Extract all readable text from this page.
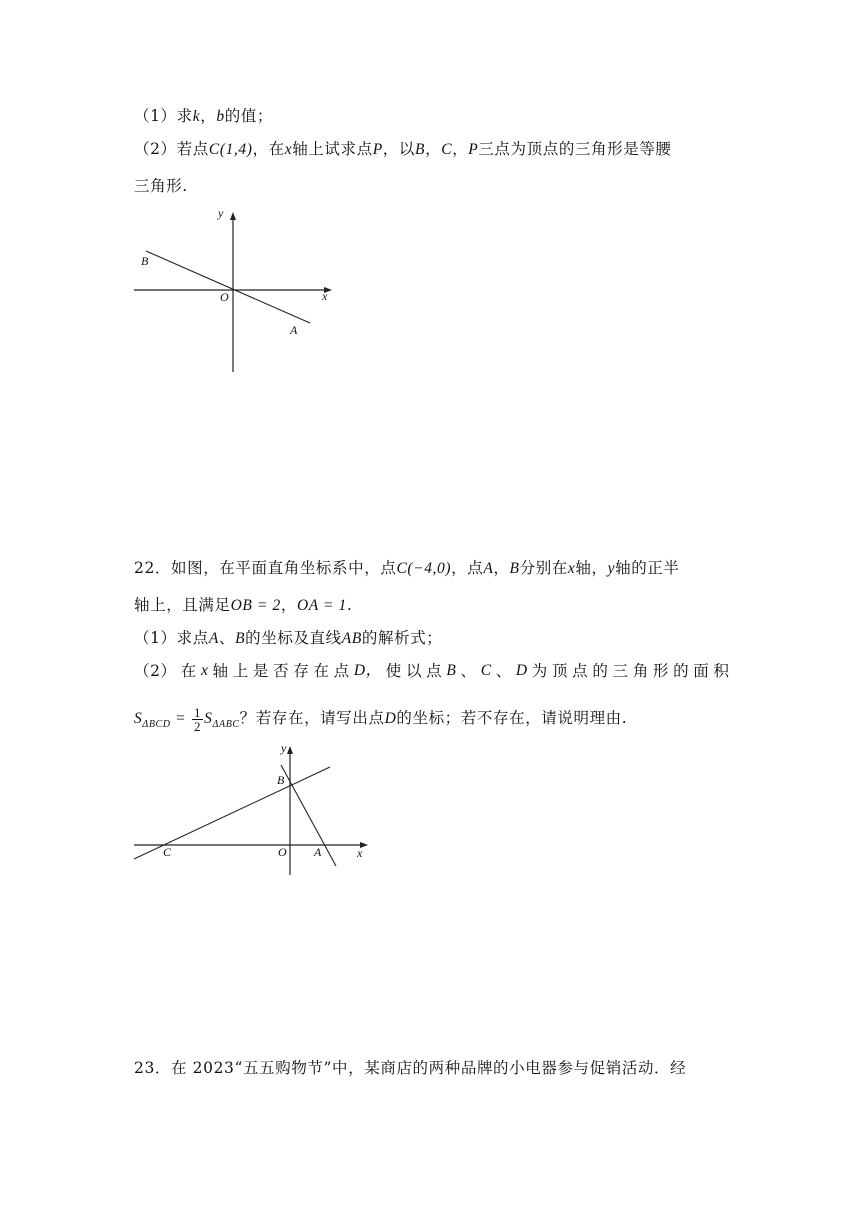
（1）求k，b的值；
（2）若点C(1,4)，在x轴上试求点P，以B，C，P三点为顶点的三角形是等腰
三角形.
y
x
O
A
B
22．如图，在平面直角坐标系中，点C(−4,0)，点A，B分别在x轴，y轴的正半
轴上，且满足OB = 2，OA = 1.
（1）求点A、B的坐标及直线AB的解析式；
（2） 在 x 轴 上 是 否 存 在 点 D， 使 以 点 B 、 C 、 D 为 顶 点 的 三 角 形 的 面 积
$S_{\Delta BCD} = \frac{1}{2} S_{\Delta ABC}$？若存在，请写出点D的坐标；若不存在，请说明理由.
y
x
O A
B
C
23．在 2023“五五购物节”中，某商店的两种品牌的小电器参与促销活动．经
